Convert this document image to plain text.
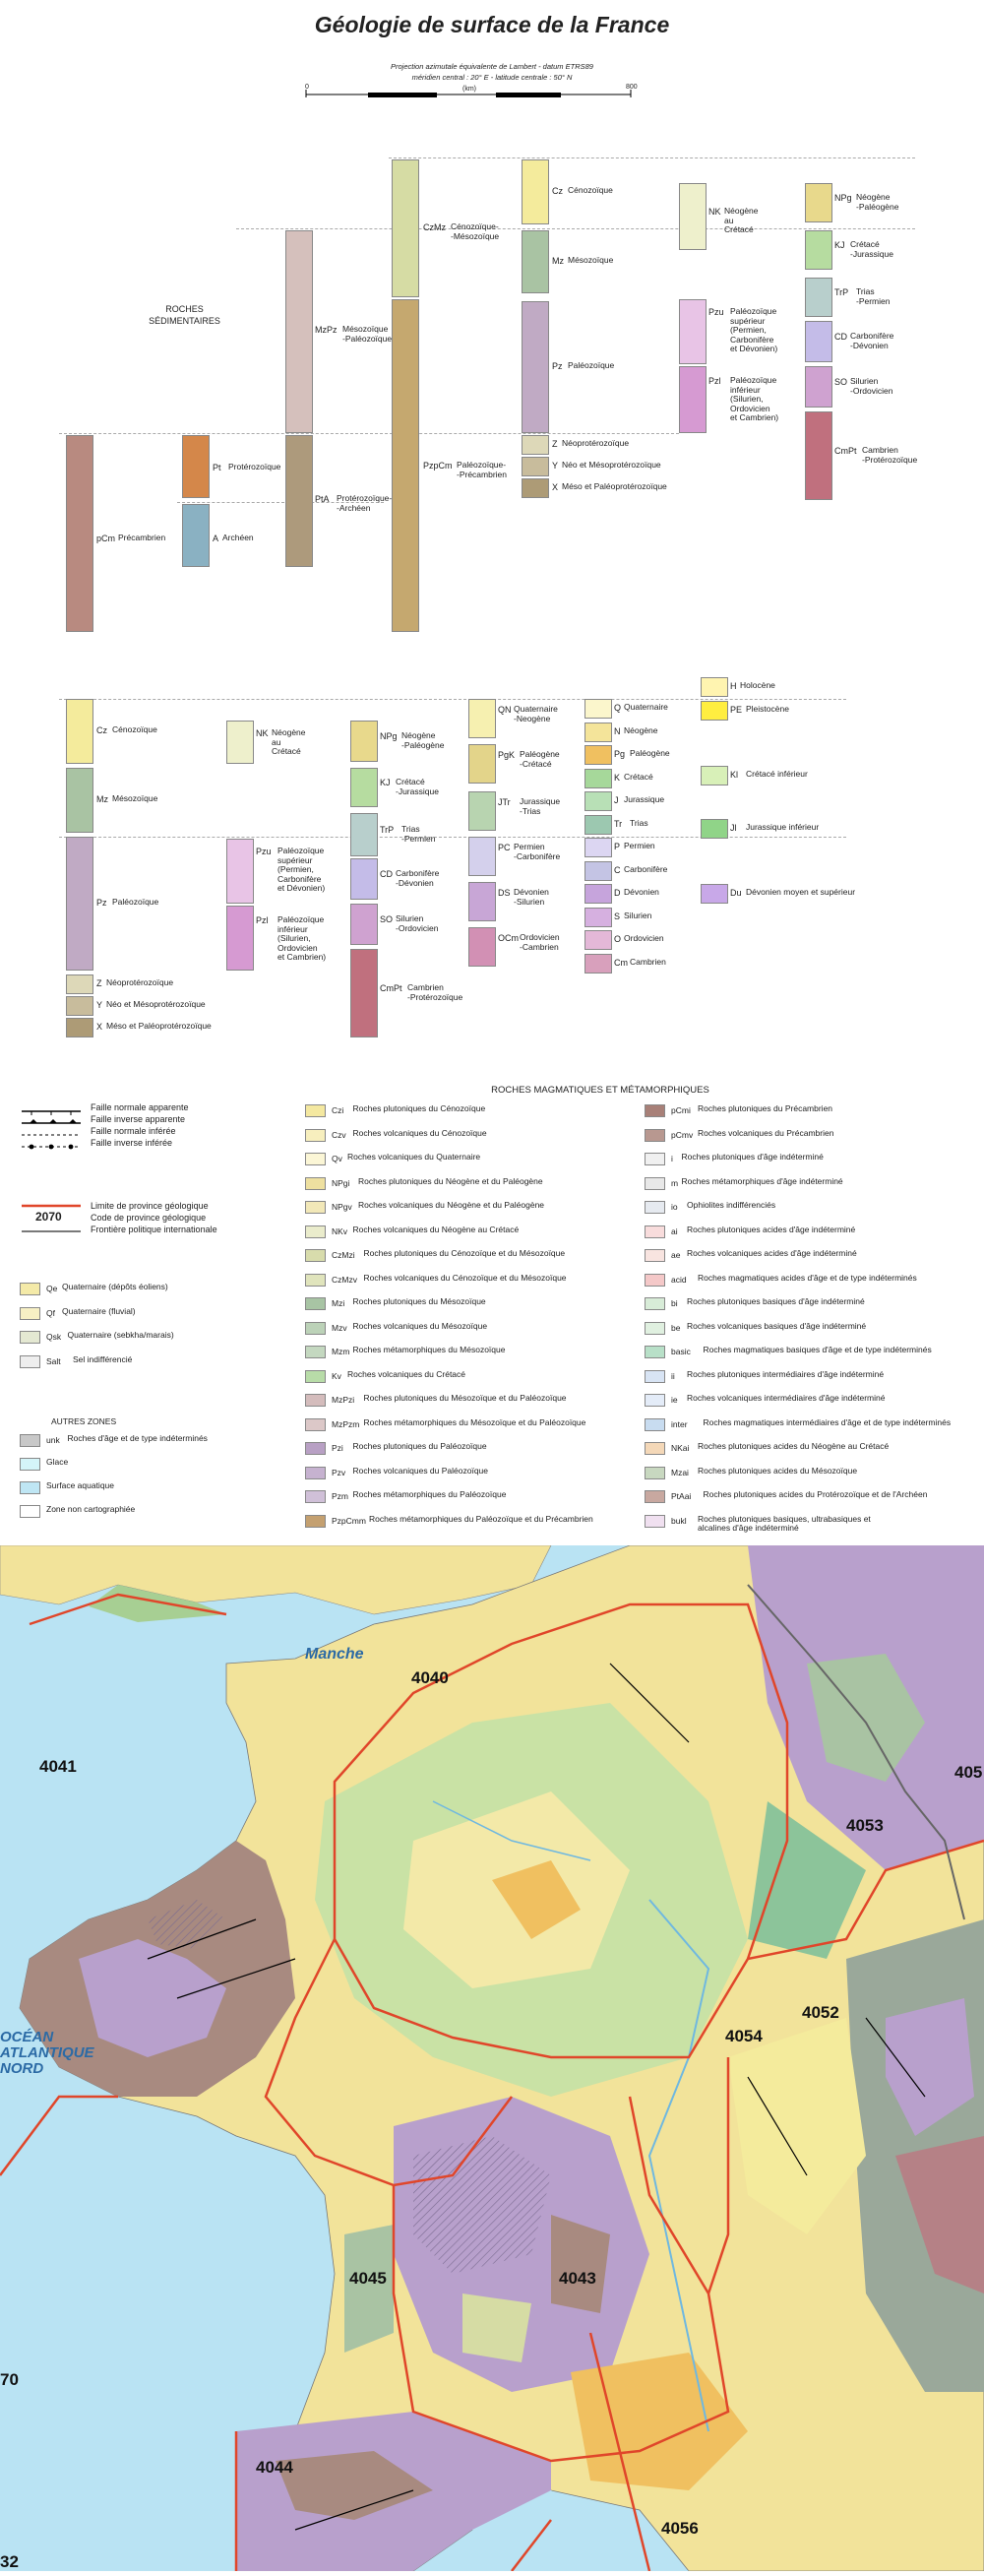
Géologie de surface de la France
Projection azimutale équivalente de Lambert - datum ETRS89
méridien central : 20° E - latitude centrale : 50° N
0	(km)	800
ROCHES
SÉDIMENTAIRES
pCm Précambrien
Pt Protérozoïque
A Archéen
MzPz Mésozoïque
-Paléozoïque
PtA Protérozoïque-
-Archéen
CzMz Cénozoïque-
-Mésozoïque
PzpCm Paléozoïque-
-Précambrien
Cz Cénozoïque
Mz Mésozoïque
Pz Paléozoïque
Z Néoprotérozoïque
Y Néo et Mésoprotérozoïque
X Méso et Paléoprotérozoïque
NK Néogène
au
Crétacé
Pzu Paléozoïque
supérieur
(Permien,
Carbonifère
et Dévonien)
Pzl Paléozoïque
inférieur
(Silurien,
Ordovicien
et Cambrien)
NPg Néogène
-Paléogène
KJ Crétacé
-Jurassique
TrP Trias
-Permien
CD Carbonifère
-Dévonien
SO Silurien
-Ordovicien
CmPt Cambrien
-Protérozoïque
Cz Cénozoïque
Mz Mésozoïque
Pz Paléozoïque
Z Néoprotérozoïque
Y Néo et Mésoprotérozoïque
X Méso et Paléoprotérozoïque
NK Néogène
au
Crétacé
Pzu Paléozoïque
supérieur
(Permien,
Carbonifère
et Dévonien)
Pzl Paléozoïque
inférieur
(Silurien,
Ordovicien
et Cambrien)
NPg Néogène
-Paléogène
KJ Crétacé
-Jurassique
TrP Trias
-Permien
CD Carbonifère
-Dévonien
SO Silurien
-Ordovicien
CmPt Cambrien
-Protérozoïque
QN Quaternaire
-Neogène
PgK Paléogène
-Crétacé
JTr Jurassique
-Trias
PC Permien
-Carbonifère
DS Dévonien
-Silurien
OCm Ordovicien
-Cambrien
Q Quaternaire
N Néogène
Pg Paléogène
K Crétacé
J Jurassique
Tr Trias
P Permien
C Carbonifère
D Dévonien
S Silurien
O Ordovicien
Cm Cambrien
H Holocène
PE Pleistocène
Kl Crétacé inférieur
Jl Jurassique inférieur
Du Dévonien moyen et supérieur
ROCHES MAGMATIQUES ET MÉTAMORPHIQUES
Faille normale apparente
Faille inverse apparente
Faille normale inférée
Faille inverse inférée
2070
Limite de province géologique
Code de province géologique
Frontière politique internationale
Qe Quaternaire (dépôts éoliens)
Qf Quaternaire (fluvial)
Qsk Quaternaire (sebkha/marais)
Salt Sel indifférencié
AUTRES ZONES
unk Roches d'âge et de type indéterminés
Glace
Surface aquatique
Zone non cartographiée
Czi Roches plutoniques du Cénozoïque
Czv Roches volcaniques du Cénozoïque
Qv Roches volcaniques du Quaternaire
NPgi Roches plutoniques du Néogène et du Paléogène
NPgv Roches volcaniques du Néogène et du Paléogène
NKv Roches volcaniques du Néogène au Crétacé
CzMzi Roches plutoniques du Cénozoïque et du Mésozoïque
CzMzv Roches volcaniques du Cénozoïque et du Mésozoïque
Mzi Roches plutoniques du Mésozoïque
Mzv Roches volcaniques du Mésozoïque
Mzm Roches métamorphiques du Mésozoïque
Kv Roches volcaniques du Crétacé
MzPzi Roches plutoniques du Mésozoïque et du Paléozoïque
MzPzm Roches métamorphiques du Mésozoïque et du Paléozoïque
Pzi Roches plutoniques du Paléozoïque
Pzv Roches volcaniques du Paléozoïque
Pzm Roches métamorphiques du Paléozoïque
PzpCmm Roches métamorphiques du Paléozoïque et du Précambrien
pCmi Roches plutoniques du Précambrien
pCmv Roches volcaniques du Précambrien
i Roches plutoniques d'âge indéterminé
m Roches métamorphiques d'âge indéterminé
io Ophiolites indifférenciés
ai Roches plutoniques acides d'âge indéterminé
ae Roches volcaniques acides d'âge indéterminé
acid Roches magmatiques acides d'âge et de type indéterminés
bi Roches plutoniques basiques d'âge indéterminé
be Roches volcaniques basiques d'âge indéterminé
basic Roches magmatiques basiques d'âge et de type indéterminés
ii Roches plutoniques intermédiaires d'âge indéterminé
ie Roches volcaniques intermédiaires d'âge indéterminé
inter Roches magmatiques intermédiaires d'âge et de type indéterminés
NKai Roches plutoniques acides du Néogène au Crétacé
Mzai Roches plutoniques acides du Mésozoïque
PtAai Roches plutoniques acides du Protérozoïque et de l'Archéen
bukl Roches plutoniques basiques, ultrabasiques et
alcalines d'âge indéterminé
Manche
4040
4041
4053
4052
4054
4045	4043
4044
4056
405
70
32
OCÉAN
ATLANTIQUE
NORD
